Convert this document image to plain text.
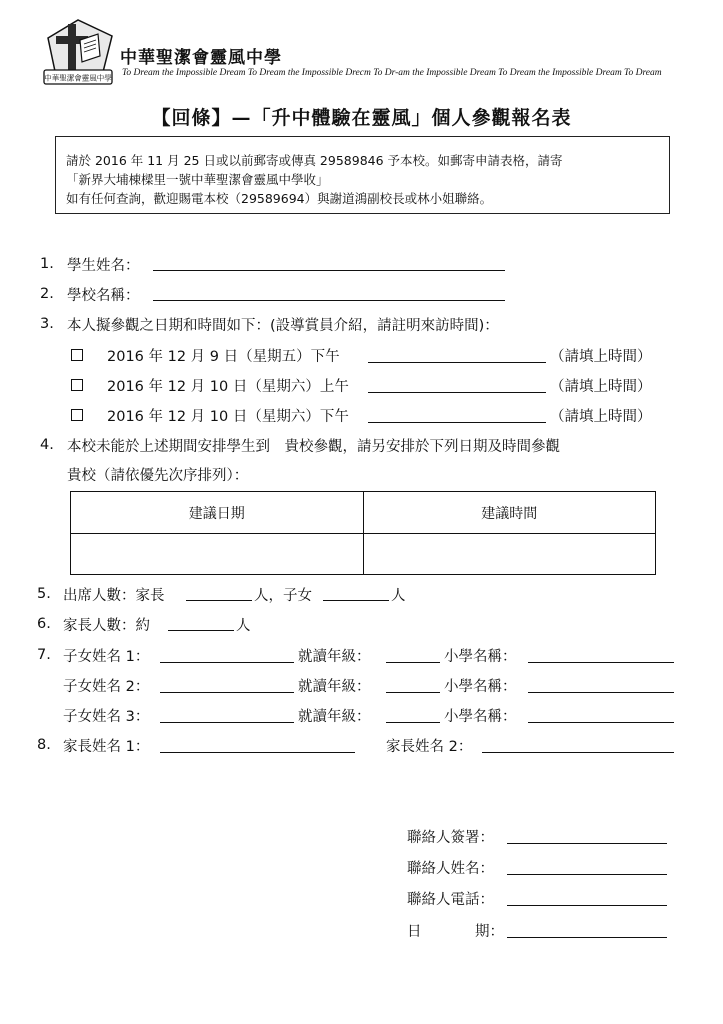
中華聖潔會靈風中學
中華聖潔會靈風中學
To Dream the Impossible Dream To Dream the Impossible Drecm To Dr-am the Impossible Dream To Dream the Impossible Dream To Dream
【回條】—「升中體驗在靈風」個人參觀報名表
請於 2016 年 11 月 25 日或以前郵寄或傳真 29589846 予本校。如郵寄申請表格，請寄
「新界大埔棟樑里一號中華聖潔會靈風中學收」
如有任何查詢，歡迎賜電本校（29589694）與謝道鴻副校長或林小姐聯絡。
1. 學生姓名：
2. 學校名稱：
3. 本人擬參觀之日期和時間如下：(設導賞員介紹，請註明來訪時間)：
2016 年 12 月 9 日（星期五）下午	（請填上時間）
2016 年 12 月 10 日（星期六）上午	（請填上時間）
2016 年 12 月 10 日（星期六）下午	（請填上時間）
4. 本校未能於上述期間安排學生到　貴校參觀，請另安排於下列日期及時間參觀
貴校（請依優先次序排列）：
建議日期	建議時間

5. 出席人數：家長	人，子女	人
6. 家長人數：約	人
7. 子女姓名 1：	就讀年級：	小學名稱：
子女姓名 2：	就讀年級：	小學名稱：
子女姓名 3：	就讀年級：	小學名稱：
8. 家長姓名 1：	家長姓名 2：
聯絡人簽署：
聯絡人姓名：
聯絡人電話：
日	期：
